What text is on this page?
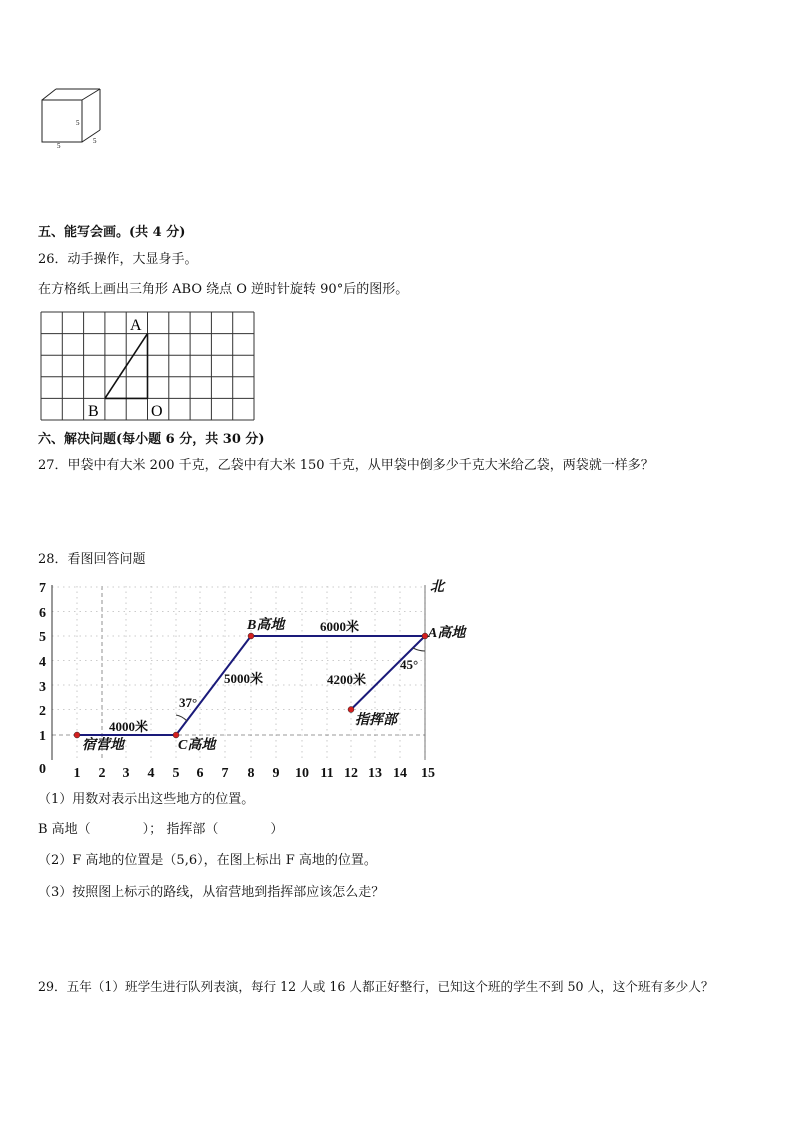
5
5
5
五、能写会画。(共 4 分)
26．动手操作，大显身手。
在方格纸上画出三角形 ABO 绕点 O 逆时针旋转 90°后的图形。
A
B	O
六、解决问题(每小题 6 分，共 30 分)
27．甲袋中有大米 200 千克，乙袋中有大米 150 千克，从甲袋中倒多少千克大米给乙袋，两袋就一样多？
28．看图回答问题
1
2
3
4
5
6
7
0 1 2 3 4 5 6 7 8 9 10 11 12 13 14 15
北
宿营地	C高地
B高地
A高地
指挥部
4000米
5000米
6000米
4200米
37°
45°
（1）用数对表示出这些地方的位置。
B 高地（　　　　）； 指挥部（　　　　）
（2）F 高地的位置是（5,6），在图上标出 F 高地的位置。
（3）按照图上标示的路线，从宿营地到指挥部应该怎么走？
29．五年（1）班学生进行队列表演，每行 12 人或 16 人都正好整行，已知这个班的学生不到 50 人，这个班有多少人？
